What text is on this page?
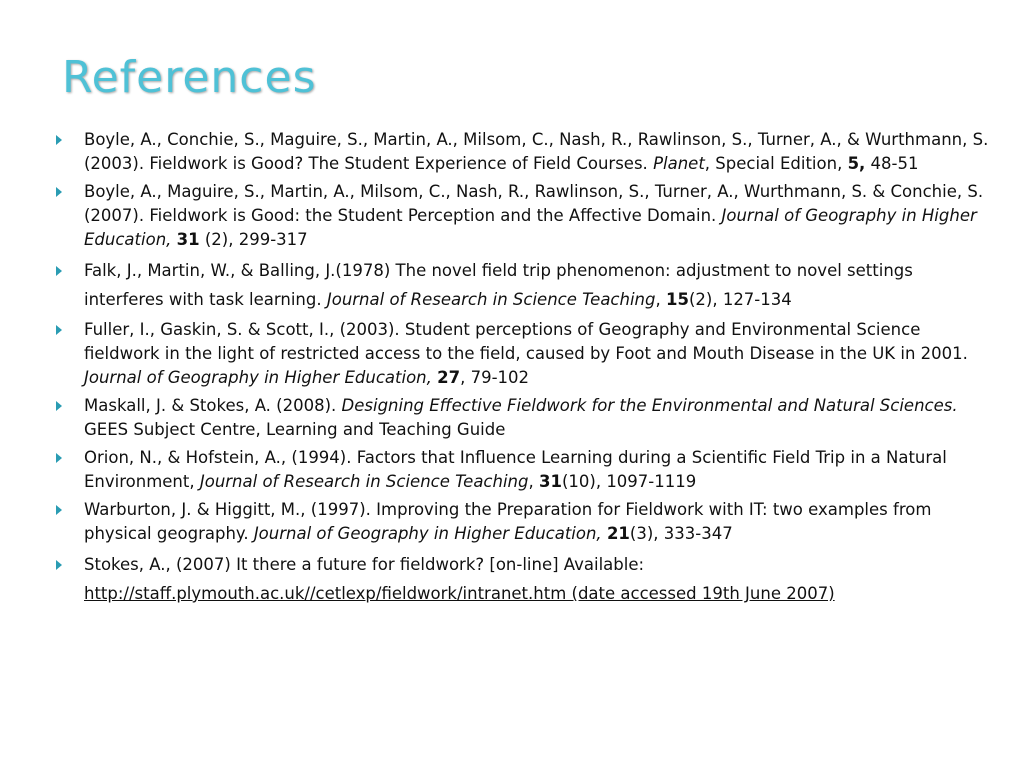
References
Boyle, A., Conchie, S., Maguire, S., Martin, A., Milsom, C., Nash, R., Rawlinson, S., Turner, A., & Wurthmann, S. (2003). Fieldwork is Good? The Student Experience of Field Courses. Planet, Special Edition, 5, 48-51
Boyle, A., Maguire, S., Martin, A., Milsom, C., Nash, R., Rawlinson, S., Turner, A., Wurthmann, S. & Conchie, S. (2007). Fieldwork is Good: the Student Perception and the Affective Domain. Journal of Geography in Higher Education, 31 (2), 299-317
Falk, J., Martin, W., & Balling, J.(1978) The novel field trip phenomenon: adjustment to novel settings interferes with task learning. Journal of Research in Science Teaching, 15(2), 127-134
Fuller, I., Gaskin, S. & Scott, I., (2003). Student perceptions of Geography and Environmental Science fieldwork in the light of restricted access to the field, caused by Foot and Mouth Disease in the UK in 2001. Journal of Geography in Higher Education, 27, 79-102
Maskall, J. & Stokes, A. (2008). Designing Effective Fieldwork for the Environmental and Natural Sciences. GEES Subject Centre, Learning and Teaching Guide
Orion, N., & Hofstein, A., (1994). Factors that Influence Learning during a Scientific Field Trip in a Natural Environment, Journal of Research in Science Teaching, 31(10), 1097-1119
Warburton, J. & Higgitt, M., (1997). Improving the Preparation for Fieldwork with IT: two examples from physical geography. Journal of Geography in Higher Education, 21(3), 333-347
Stokes, A., (2007) It there a future for fieldwork? [on-line] Available: http://staff.plymouth.ac.uk//cetlexp/fieldwork/intranet.htm (date accessed 19th June 2007)
